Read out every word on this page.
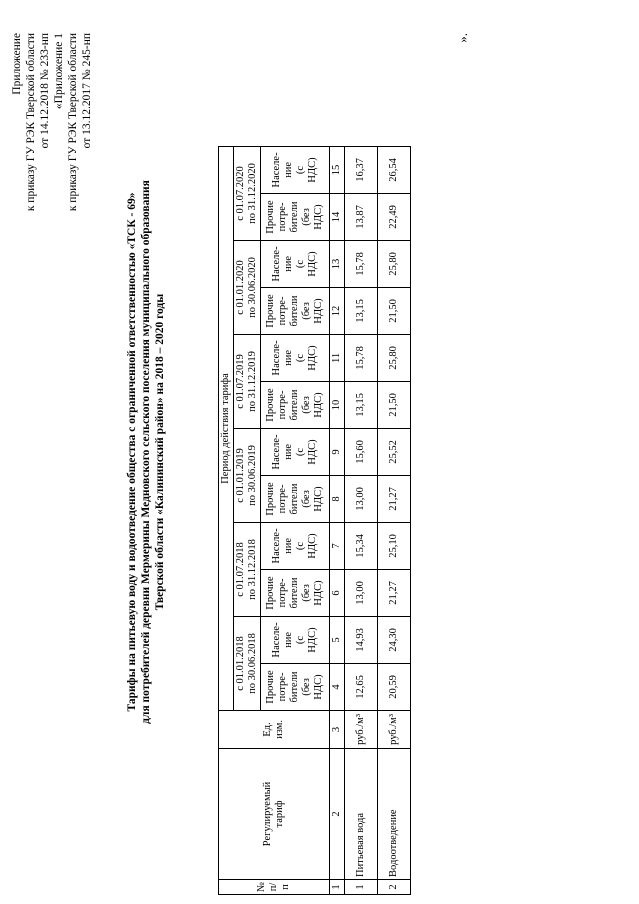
Приложение к приказу ГУ РЭК Тверской области от 14.12.2018 № 233-нп «Приложение 1 к приказу ГУ РЭК Тверской области от 13.12.2017 № 245-нп
Тарифы на питьевую воду и водоотведение общества с ограниченной ответственностью «ТСК - 69» для потребителей деревни Мермерины Медновского сельского поселения муниципального образования Тверской области «Калининский район» на 2018 – 2020 годы
№ п/ п	Регулируемый тариф	Ед. изм.	Период действия тарифа											

			с 01.01.2018 по 30.06.2018		с 01.07.2018 по 31.12.2018		с 01.01.2019 по 30.06.2019		с 01.07.2019 по 31.12.2019		с 01.01.2020 по 30.06.2020		с 01.07.2020 по 31.12.2020	

			Прочие потре- бители (без НДС)	Населе- ние (с НДС)	Прочие потре- бители (без НДС)	Населе- ние (с НДС)	Прочие потре- бители (без НДС)	Населе- ние (с НДС)	Прочие потре- бители (без НДС)	Населе- ние (с НДС)	Прочие потре- бители (без НДС)	Населе- ние (с НДС)	Прочие потре- бители (без НДС)	Населе- ние (с НДС)

1	2	3	4	5	6	7	8	9	10	11	12	13	14	15
1	Питьевая вода	руб./м³	12,65	14,93	13,00	15,34	13,00	15,60	13,15	15,78	13,15	15,78	13,87	16,37
2	Водоотведение	руб./м³	20,59	24,30	21,27	25,10	21,27	25,52	21,50	25,80	21,50	25,80	22,49	26,54
».
